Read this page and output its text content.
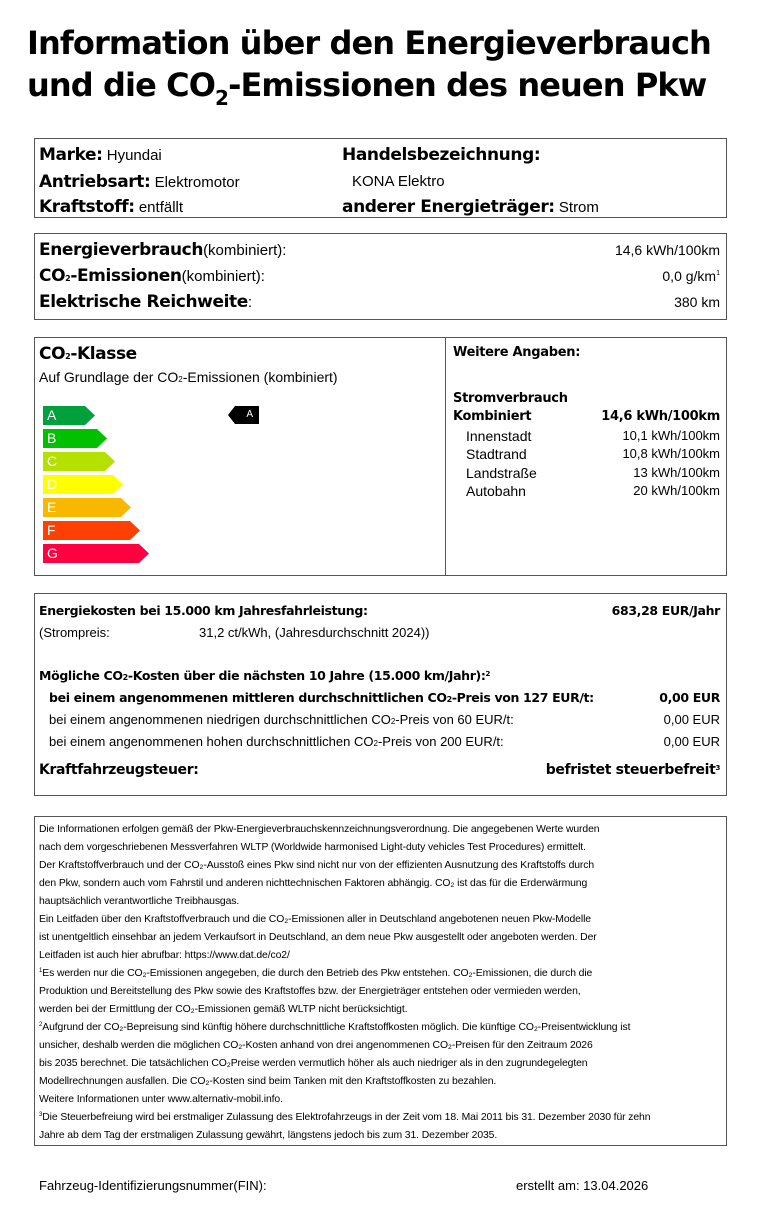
Information über den Energieverbrauch
und die $CO_2$-Emissionen des neuen Pkw
Marke: Hyundai
Antriebsart: Elektromotor
Kraftstoff: entfällt
Handelsbezeichnung:
KONA Elektro
anderer Energieträger: Strom
Energieverbrauch(kombiniert):	14,6 kWh/100km
CO2-Emissionen(kombiniert):	0,0 $g/km^1$
Elektrische Reichweite:	380 km
CO2-Klasse
Auf Grundlage der CO2-Emissionen (kombiniert)
A
B
C
D
E
F
G
A
Weitere Angaben:
Stromverbrauch
Kombiniert	14,6 kWh/100km
Innenstadt	10,1 kWh/100km
Stadtrand	10,8 kWh/100km
Landstraße	13 kWh/100km
Autobahn	20 kWh/100km
Energiekosten bei 15.000 km Jahresfahrleistung:	683,28 EUR/Jahr
(Strompreis:	31,2 ct/kWh, (Jahresdurchschnitt 2024))
Mögliche CO2-Kosten über die nächsten 10 Jahre (15.000 km/Jahr):$^2$
bei einem angenommenen mittleren durchschnittlichen CO2-Preis von 127 EUR/t:	0,00 EUR
bei einem angenommenen niedrigen durchschnittlichen CO2-Preis von 60 EUR/t:	0,00 EUR
bei einem angenommenen hohen durchschnittlichen CO2-Preis von 200 EUR/t:	0,00 EUR
Kraftfahrzeugsteuer:	befristet steuerbefreit$^3$
Die Informationen erfolgen gemäß der Pkw-Energieverbrauchskennzeichnungsverordnung. Die angegebenen Werte wurden
nach dem vorgeschriebenen Messverfahren WLTP (Worldwide harmonised Light-duty vehicles Test Procedures) ermittelt.
Der Kraftstoffverbrauch und der CO₂-Ausstoß eines Pkw sind nicht nur von der effizienten Ausnutzung des Kraftstoffs durch
den Pkw, sondern auch vom Fahrstil und anderen nichttechnischen Faktoren abhängig. CO₂ ist das für die Erderwärmung
hauptsächlich verantwortliche Treibhausgas.
Ein Leitfaden über den Kraftstoffverbrauch und die CO₂-Emissionen aller in Deutschland angebotenen neuen Pkw-Modelle
ist unentgeltlich einsehbar an jedem Verkaufsort in Deutschland, an dem neue Pkw ausgestellt oder angeboten werden. Der
Leitfaden ist auch hier abrufbar: https://www.dat.de/co2/
$^1$Es werden nur die CO₂-Emissionen angegeben, die durch den Betrieb des Pkw entstehen. CO₂-Emissionen, die durch die
Produktion und Bereitstellung des Pkw sowie des Kraftstoffes bzw. der Energieträger entstehen oder vermieden werden,
werden bei der Ermittlung der CO₂-Emissionen gemäß WLTP nicht berücksichtigt.
$^2$Aufgrund der CO₂-Bepreisung sind künftig höhere durchschnittliche Kraftstoffkosten möglich. Die künftige CO₂-Preisentwicklung ist
unsicher, deshalb werden die möglichen CO₂-Kosten anhand von drei angenommenen CO₂-Preisen für den Zeitraum 2026
bis 2035 berechnet. Die tatsächlichen CO₂Preise werden vermutlich höher als auch niedriger als in den zugrundegelegten
Modellrechnungen ausfallen. Die CO₂-Kosten sind beim Tanken mit den Kraftstoffkosten zu bezahlen.
Weitere Informationen unter www.alternativ-mobil.info.
$^3$Die Steuerbefreiung wird bei erstmaliger Zulassung des Elektrofahrzeugs in der Zeit vom 18. Mai 2011 bis 31. Dezember 2030 für zehn
Jahre ab dem Tag der erstmaligen Zulassung gewährt, längstens jedoch bis zum 31. Dezember 2035.
Fahrzeug-Identifizierungsnummer(FIN):	erstellt am: 13.04.2026
